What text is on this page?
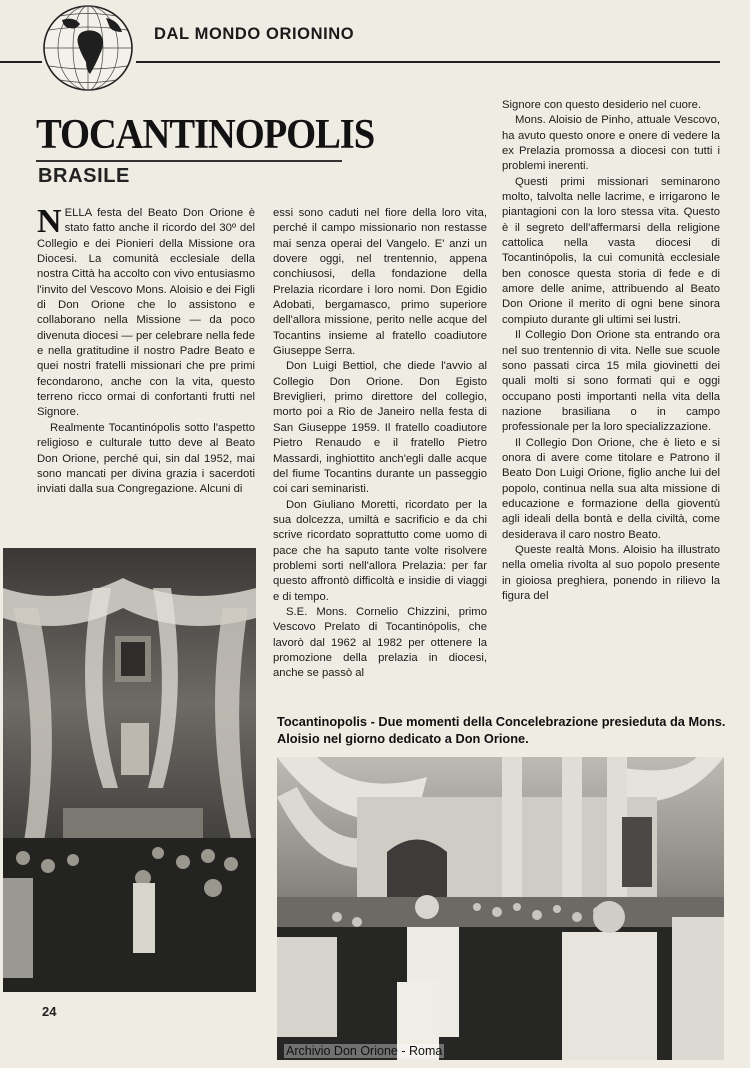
DAL MONDO ORIONINO
TOCANTINOPOLIS
BRASILE

NELLA festa del Beato Don Orione è stato fatto anche il ricordo del 30º del Collegio e dei Pionieri della Missione ora Diocesi. La comunità ecclesiale della nostra Città ha accolto con vivo entusiasmo l'invito del Vescovo Mons. Aloisio e dei Figli di Don Orione che lo assistono e collaborano nella Missione — da poco divenuta diocesi — per celebrare nella fede e nella gratitudine il nostro Padre Beato e quei nostri fratelli missionari che pre primi fecondarono, anche con la vita, questo terreno ricco ormai di confortanti frutti nel Signore.

Realmente Tocantinópolis sotto l'aspetto religioso e culturale tutto deve al Beato Don Orione, perché qui, sin dal 1952, mai sono mancati per divina grazia i sacerdoti inviati dalla sua Congregazione. Alcuni di

essi sono caduti nel fiore della loro vita, perché il campo missionario non restasse mai senza operai del Vangelo. E' anzi un dovere oggi, nel trentennio, appena conchiusosi, della fondazione della Prelazia ricordare i loro nomi. Don Egidio Adobati, bergamasco, primo superiore dell'allora missione, perito nelle acque del Tocantins insieme al fratello coadiutore Giuseppe Serra.

Don Luigi Bettiol, che diede l'avvio al Collegio Don Orione. Don Egisto Breviglieri, primo direttore del collegio, morto poi a Rio de Janeiro nella festa di San Giuseppe 1959. Il fratello coadiutore Pietro Renaudo e il fratello Pietro Massardi, inghiottito anch'egli dalle acque del fiume Tocantins durante un passeggio coi cari seminaristi.

Don Giuliano Moretti, ricordato per la sua dolcezza, umiltà e sacrificio e da chi scrive ricordato soprattutto come uomo di pace che ha saputo tante volte risolvere problemi sorti nell'allora Prelazia: per far questo affrontò difficoltà e insidie di viaggi e di tempo.

S.E. Mons. Cornelio Chizzini, primo Vescovo Prelato di Tocantinópolis, che lavorò dal 1962 al 1982 per ottenere la promozione della prelazia in diocesi, anche se passò al

Signore con questo desiderio nel cuore.

Mons. Aloisio de Pinho, attuale Vescovo, ha avuto questo onore e onere di vedere la ex Prelazia promossa a diocesi con tutti i problemi inerenti.

Questi primi missionari seminarono molto, talvolta nelle lacrime, e irrigarono le piantagioni con la loro stessa vita. Questo è il segreto dell'affermarsi della religione cattolica nella vasta diocesi di Tocantinópolis, la cui comunità ecclesiale ben conosce questa storia di fede e di amore delle anime, attribuendo al Beato Don Orione il merito di ogni bene sinora compiuto durante gli ultimi sei lustri.

Il Collegio Don Orione sta entrando ora nel suo trentennio di vita. Nelle sue scuole sono passati circa 15 mila giovinetti dei quali molti si sono formati qui e oggi occupano posti importanti nella vita della nazione brasiliana o in campo professionale per la loro specializzazione.

Il Collegio Don Orione, che è lieto e si onora di avere come titolare e Patrono il Beato Don Luigi Orione, figlio anche lui del popolo, continua nella sua alta missione di educazione e formazione della gioventù agli ideali della bontà e della civiltà, come desiderava il caro nostro Beato.

Queste realtà Mons. Aloisio ha illustrato nella omelia rivolta al suo popolo presente in gioiosa preghiera, ponendo in rilievo la figura del

Tocantinopolis - Due momenti della Concelebrazione presieduta da Mons. Aloisio nel giorno dedicato a Don Orione.

24
Archivio Don Orione - Roma
